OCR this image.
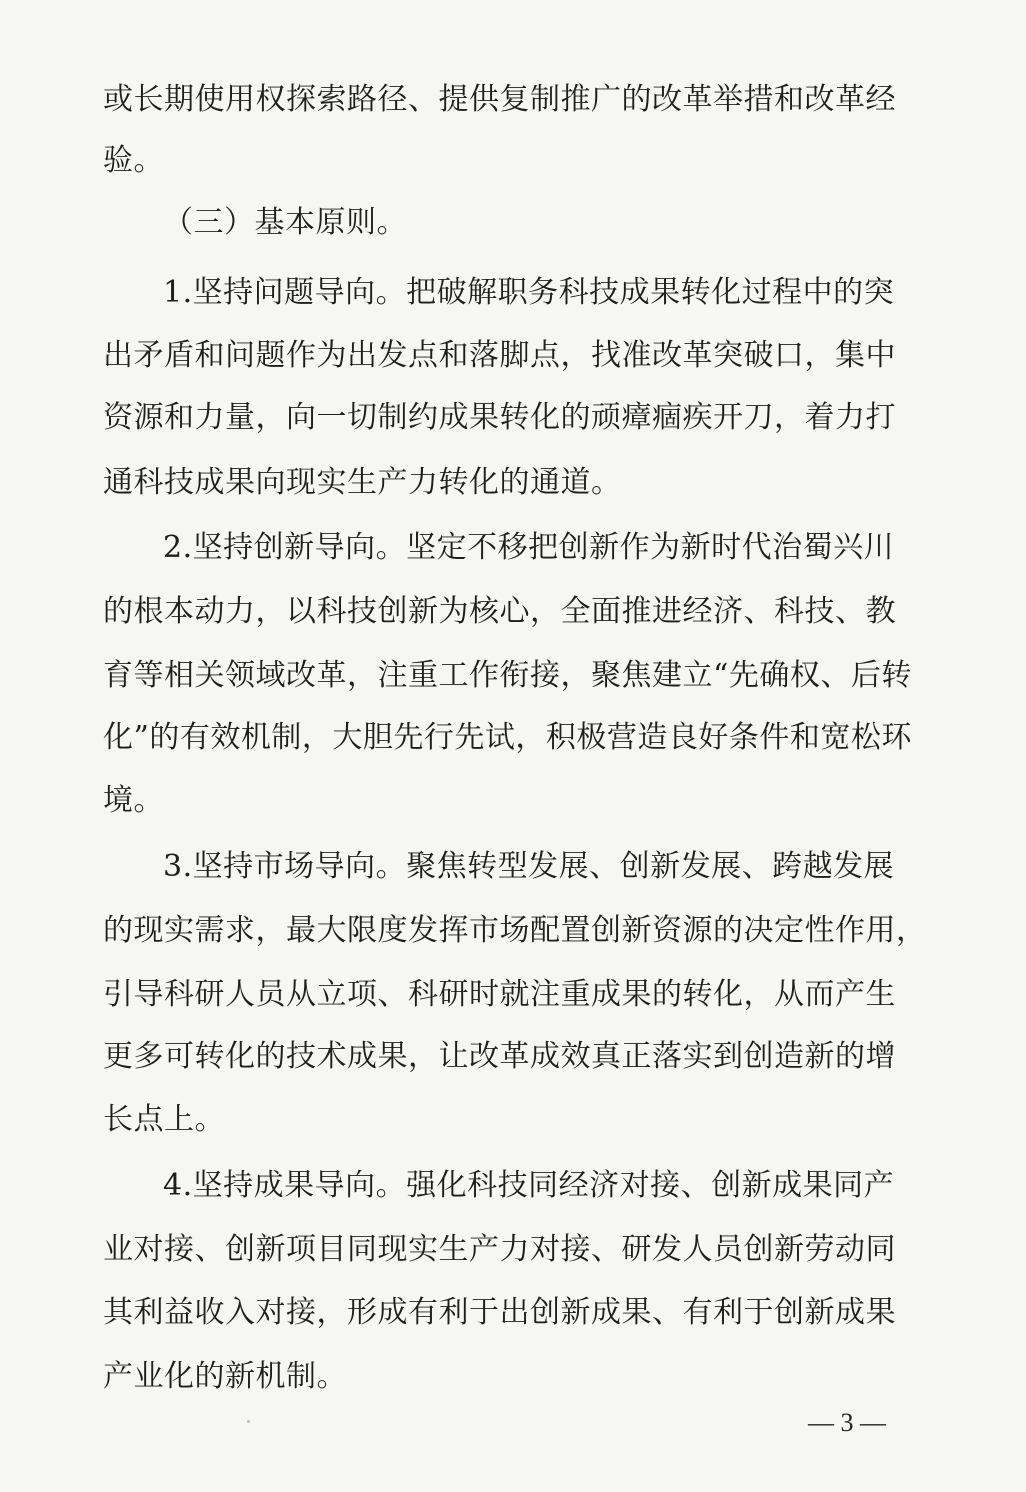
或长期使用权探索路径、提供复制推广的改革举措和改革经
验。
（三）基本原则。
1.坚持问题导向。把破解职务科技成果转化过程中的突
出矛盾和问题作为出发点和落脚点，找准改革突破口，集中
资源和力量，向一切制约成果转化的顽瘴痼疾开刀，着力打
通科技成果向现实生产力转化的通道。
2.坚持创新导向。坚定不移把创新作为新时代治蜀兴川
的根本动力，以科技创新为核心，全面推进经济、科技、教
育等相关领域改革，注重工作衔接，聚焦建立“先确权、后转
化”的有效机制，大胆先行先试，积极营造良好条件和宽松环
境。
3.坚持市场导向。聚焦转型发展、创新发展、跨越发展
的现实需求，最大限度发挥市场配置创新资源的决定性作用，
引导科研人员从立项、科研时就注重成果的转化，从而产生
更多可转化的技术成果，让改革成效真正落实到创造新的增
长点上。
4.坚持成果导向。强化科技同经济对接、创新成果同产
业对接、创新项目同现实生产力对接、研发人员创新劳动同
其利益收入对接，形成有利于出创新成果、有利于创新成果
产业化的新机制。
— 3 —
